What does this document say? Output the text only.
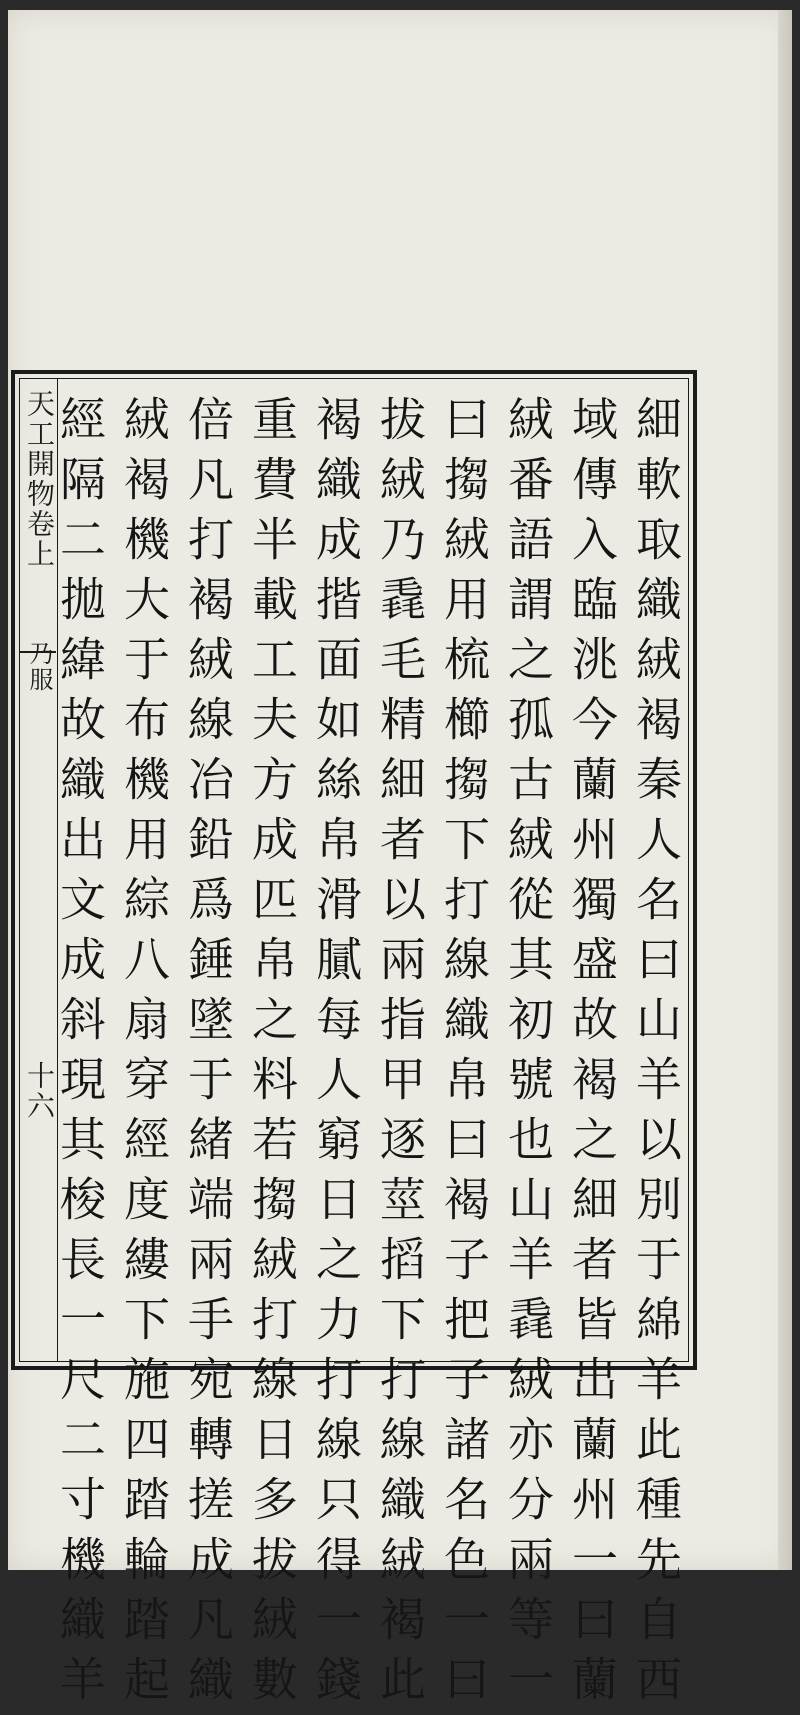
天工開物卷上
乃服
十六	細軟取織絨褐秦人名曰山羊以別于綿羊此種先自西
域傳入臨洮今蘭州獨盛故褐之細者皆出蘭州一曰蘭
絨番語謂之孤古絨從其初號也山羊毳絨亦分兩等一
曰搊絨用梳櫛搊下打線織帛曰褐子把子諸名色一曰
拔絨乃毳毛精細者以兩指甲逐莖搯下打線織絨褐此
褐織成揩面如絲帛滑膩每人窮日之力打線只得一錢
重費半載工夫方成匹帛之料若搊絨打線日多拔絨數
倍凡打褐絨線冶鉛爲錘墜于緒端兩手宛轉搓成凡織
絨褐機大于布機用綜八扇穿經度縷下施四踏輪踏起
經隔二拋緯故織出文成斜現其梭長一尺二寸機織羊
